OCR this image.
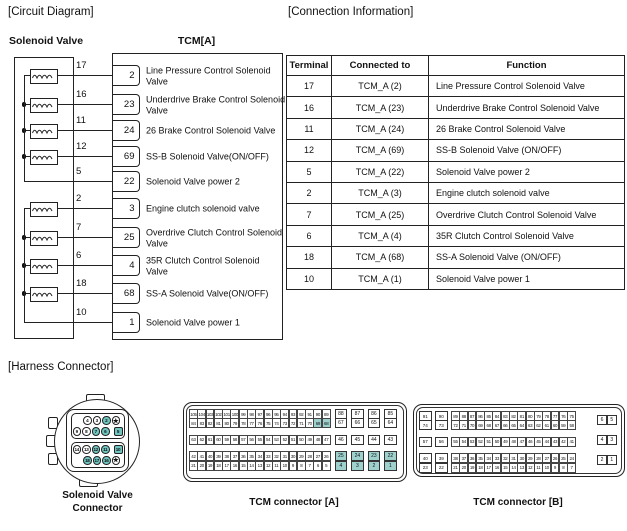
[Circuit Diagram]	[Connection Information]
[Harness Connector]
Solenoid Valve	TCM[A]
17
2	Line Pressure Control Solenoid
Valve
16
23	Underdrive Brake Control Solenoid
Valve
11
24	26 Brake Control Solenoid Valve
12
69	SS-B Solenoid Valve(ON/OFF)
5
22	Solenoid Valve power 2
2
3	Engine clutch solenoid valve
7
25	Overdrive Clutch Control Solenoid
Valve
6
4	35R Clutch Control Solenoid
Valve
18
68	SS-A Solenoid Valve(ON/OFF)
10
1	Solenoid Valve power 1
Terminal	Connected to	Function
17	TCM_A (2)	Line Pressure Control Solenoid Valve
16	TCM_A (23)	Underdrive Brake Control Solenoid Valve
11	TCM_A (24)	26 Brake Control Solenoid Valve
12	TCM_A (69)	SS-B Solenoid Valve (ON/OFF)
5	TCM_A (22)	Solenoid Valve power 2
2	TCM_A (3)	Engine clutch solenoid valve
7	TCM_A (25)	Overdrive Clutch Control Solenoid Valve
6	TCM_A (4)	35R Clutch Control Solenoid Valve
18	TCM_A (68)	SS-A Solenoid Valve (ON/OFF)
10	TCM_A (1)	Solenoid Valve power 1
4	3	2 ★
9	8	7	6	5
14	13	12	11	10
18	17	16 ★
Solenoid Valve
Connector
105 104 103 102 101 100 99 98 97 96 95 94 93 92 91 90 89	88	87	86	85
84 83 82 81 80 79 78 77 76 75 74 73 72 71 70 69 68	67	66	65	64
63 62 61 60 59 58 57 56 55 54 53 52 51 50 49 48 47	46	45	44	43
42 41 40 39 38 37 36 35 34 33 32 31 30 29 28 27 26	25	24	23	22
21 20 19 18 17 16 15 14 13 12 11 10	9	8	7	6	5	4	3	2	1
TCM connector [A]
91	90	89 88 87 86 85 84 83 82 81 80 79 78 77 76 75
74	73	72 71 70 69 68 67 66 65 64 63 62 61 60 59 58
57	56	55 54 53 52 51 50 49 48 47 46 45 44 43 42 41
40	39	38 37 36 35 34 33 32 31 30 29 28 27 26 25 24
23	22	21 20 19 18 17 16 15 14 13 12 11 10	9	8	7
6	5
4	3
2	1
TCM connector [B]
